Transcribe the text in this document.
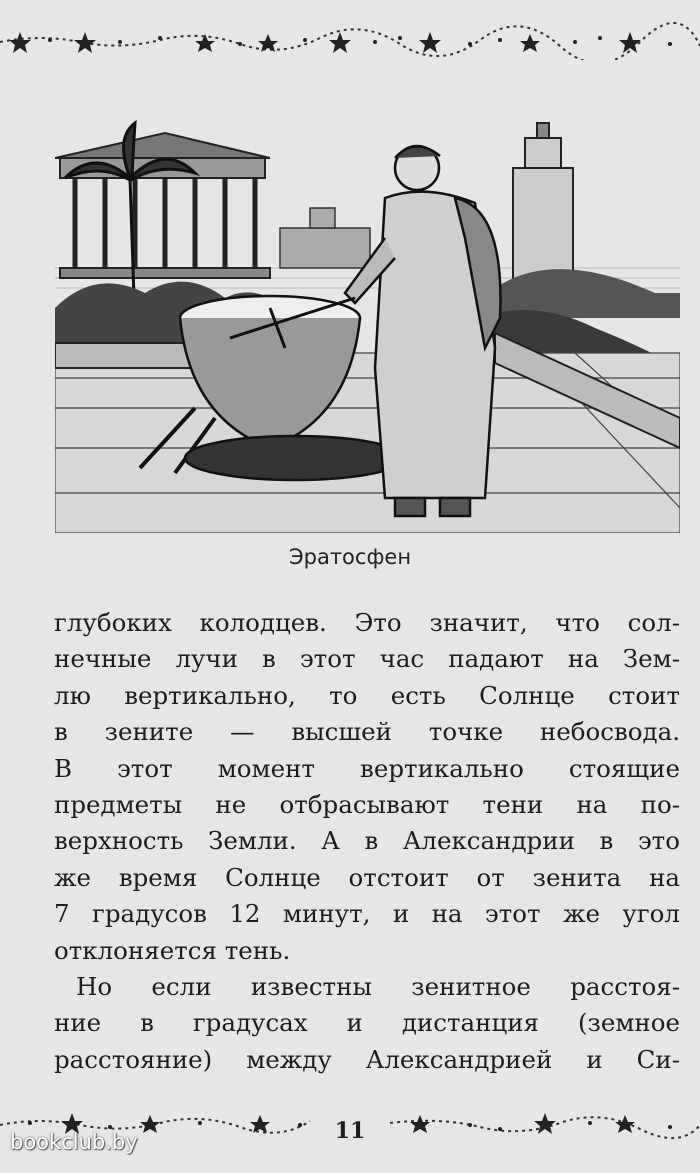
Эратосфен
глубоких колодцев. Это значит, что сол-
нечные лучи в этот час падают на Зем-
лю вертикально, то есть Солнце стоит
в зените — высшей точке небосвода.
В этот момент вертикально стоящие
предметы не отбрасывают тени на по-
верхность Земли. А в Александрии в это
же время Солнце отстоит от зенита на
7 градусов 12 минут, и на этот же угол
отклоняется тень.
Но если известны зенитное расстоя-
ние в градусах и дистанция (земное
расстояние) между Александрией и Си-
11
bookclub.by
